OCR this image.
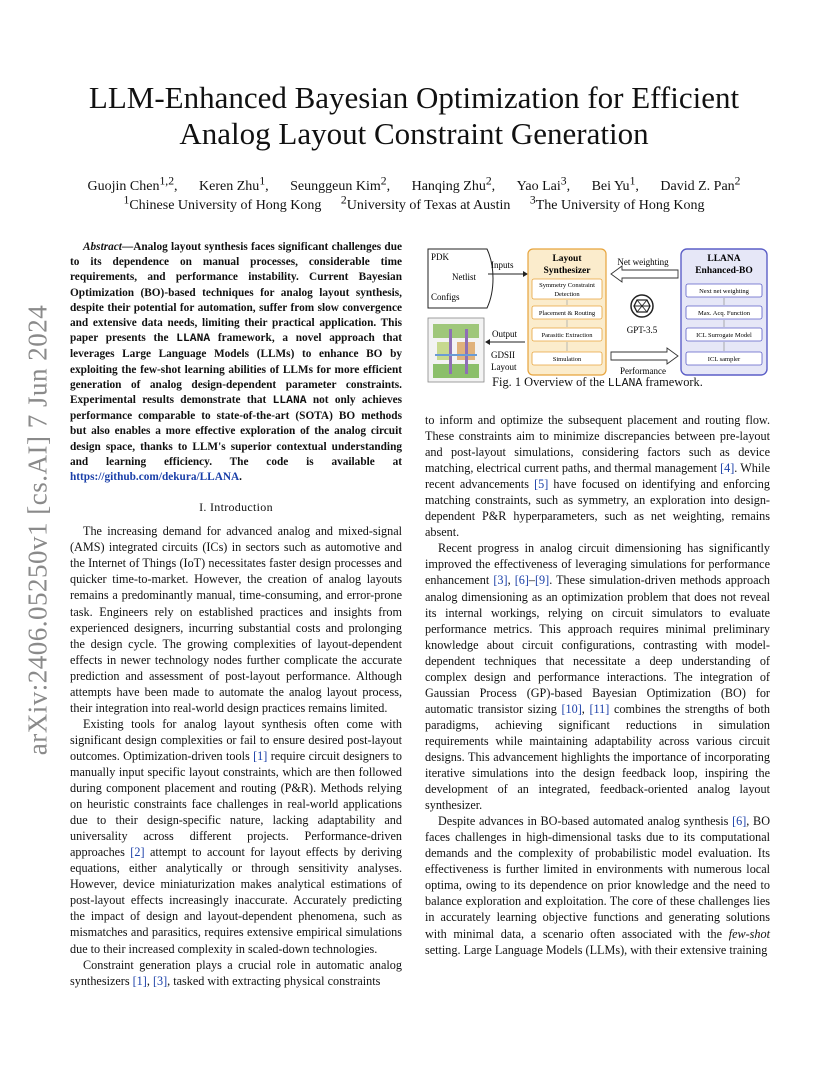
arXiv:2406.05250v1 [cs.AI] 7 Jun 2024
LLM-Enhanced Bayesian Optimization for Efficient
Analog Layout Constraint Generation
Guojin Chen$^{1,2}$, Keren Zhu$^1$, Seunggeun Kim$^2$, Hanqing Zhu$^2$, Yao Lai$^3$, Bei Yu$^1$, David Z. Pan$^2$
$^1$Chinese University of Hong Kong $^2$University of Texas at Austin $^3$The University of Hong Kong

Abstract—Analog layout synthesis faces significant challenges due to its dependence on manual processes, considerable time requirements, and performance instability. Current Bayesian Optimization (BO)-based techniques for analog layout synthesis, despite their potential for automation, suffer from slow convergence and extensive data needs, limiting their practical application. This paper presents the LLANA framework, a novel approach that leverages Large Language Models (LLMs) to enhance BO by exploiting the few-shot learning abilities of LLMs for more efficient generation of analog design-dependent parameter constraints. Experimental results demonstrate that LLANA not only achieves performance comparable to state-of-the-art (SOTA) BO methods but also enables a more effective exploration of the analog circuit design space, thanks to LLM's superior contextual understanding and learning efficiency. The code is available at https://github.com/dekura/LLANA.

I. Introduction

The increasing demand for advanced analog and mixed-signal (AMS) integrated circuits (ICs) in sectors such as automotive and the Internet of Things (IoT) necessitates faster design processes and quicker time-to-market. However, the creation of analog layouts remains a predominantly manual, time-consuming, and error-prone task. Engineers rely on established practices and insights from experienced designers, incurring substantial costs and prolonging the design cycle. The growing complexities of layout-dependent effects in newer technology nodes further complicate the accurate prediction and assessment of post-layout performance. Although attempts have been made to automate the analog layout process, their integration into real-world design practices remains limited.

Existing tools for analog layout synthesis often come with significant design complexities or fail to ensure desired post-layout outcomes. Optimization-driven tools [1] require circuit designers to manually input specific layout constraints, which are then followed during component placement and routing (P&R). Methods relying on heuristic constraints face challenges in real-world applications due to their design-specific nature, lacking adaptability and universality across different projects. Performance-driven approaches [2] attempt to account for layout effects by deriving equations, either analytically or through sensitivity analyses. However, device miniaturization makes analytical estimations of post-layout effects increasingly inaccurate. Accurately predicting the impact of design and layout-dependent phenomena, such as mismatches and parasitics, requires extensive empirical simulations due to their increased complexity in scaled-down technologies.

Constraint generation plays a crucial role in automatic analog synthesizers [1], [3], tasked with extracting physical constraints

PDK
Netlist
Configs
Inputs
Output
GDSII
Layout
Layout
Synthesizer
Symmetry Constraint
Detection
Placement & Routing
Parasitic Extraction
Simulation
Net weighting
GPT-3.5
Performance
LLANA
Enhanced-BO
Next net weighting
Max. Acq. Function
ICL Surrogate Model
ICL sampler
Fig. 1 Overview of the LLANA framework.

to inform and optimize the subsequent placement and routing flow. These constraints aim to minimize discrepancies between pre-layout and post-layout simulations, considering factors such as device matching, electrical current paths, and thermal management [4]. While recent advancements [5] have focused on identifying and enforcing matching constraints, such as symmetry, an exploration into design-dependent P&R hyperparameters, such as net weighting, remains absent.

Recent progress in analog circuit dimensioning has significantly improved the effectiveness of leveraging simulations for performance enhancement [3], [6]–[9]. These simulation-driven methods approach analog dimensioning as an optimization problem that does not reveal its internal workings, relying on circuit simulators to evaluate performance metrics. This approach requires minimal preliminary knowledge about circuit configurations, contrasting with model-dependent techniques that necessitate a deep understanding of complex design and performance interactions. The integration of Gaussian Process (GP)-based Bayesian Optimization (BO) for automatic transistor sizing [10], [11] combines the strengths of both paradigms, achieving significant reductions in simulation requirements while maintaining adaptability across various circuit designs. This advancement highlights the importance of incorporating iterative simulations into the design feedback loop, inspiring the development of an integrated, feedback-oriented analog layout synthesizer.

Despite advances in BO-based automated analog synthesis [6], BO faces challenges in high-dimensional tasks due to its computational demands and the complexity of probabilistic model evaluation. Its effectiveness is further limited in environments with numerous local optima, owing to its dependence on prior knowledge and the need to balance exploration and exploitation. The core of these challenges lies in accurately learning objective functions and generating solutions with minimal data, a scenario often associated with the few-shot setting. Large Language Models (LLMs), with their extensive training
